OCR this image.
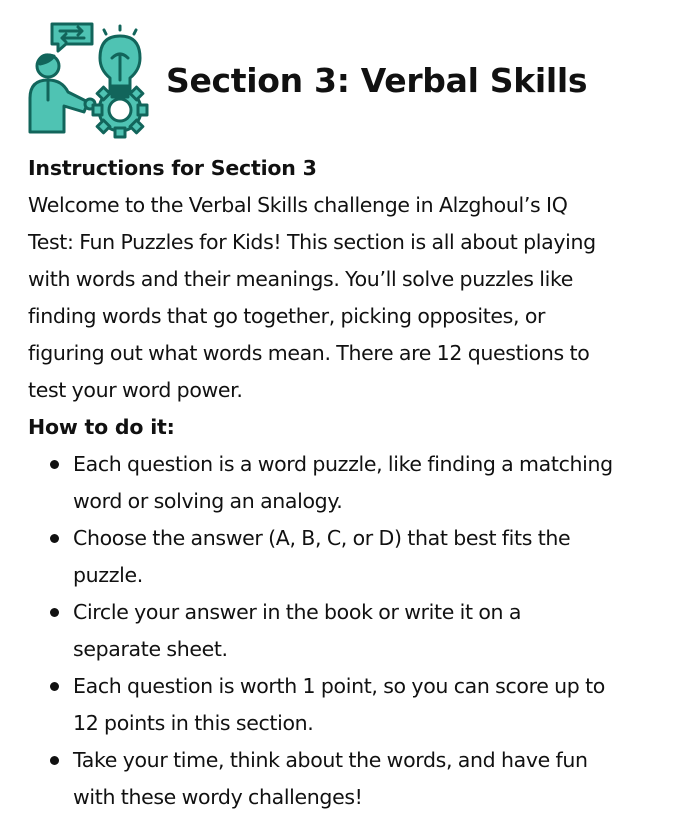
Section 3: Verbal Skills
Instructions for Section 3
Welcome to the Verbal Skills challenge in Alzghoul’s IQ
Test: Fun Puzzles for Kids! This section is all about playing
with words and their meanings. You’ll solve puzzles like
finding words that go together, picking opposites, or
figuring out what words mean. There are 12 questions to
test your word power.
How to do it:
Each question is a word puzzle, like finding a matching
word or solving an analogy.
Choose the answer (A, B, C, or D) that best fits the
puzzle.
Circle your answer in the book or write it on a
separate sheet.
Each question is worth 1 point, so you can score up to
12 points in this section.
Take your time, think about the words, and have fun
with these wordy challenges!
